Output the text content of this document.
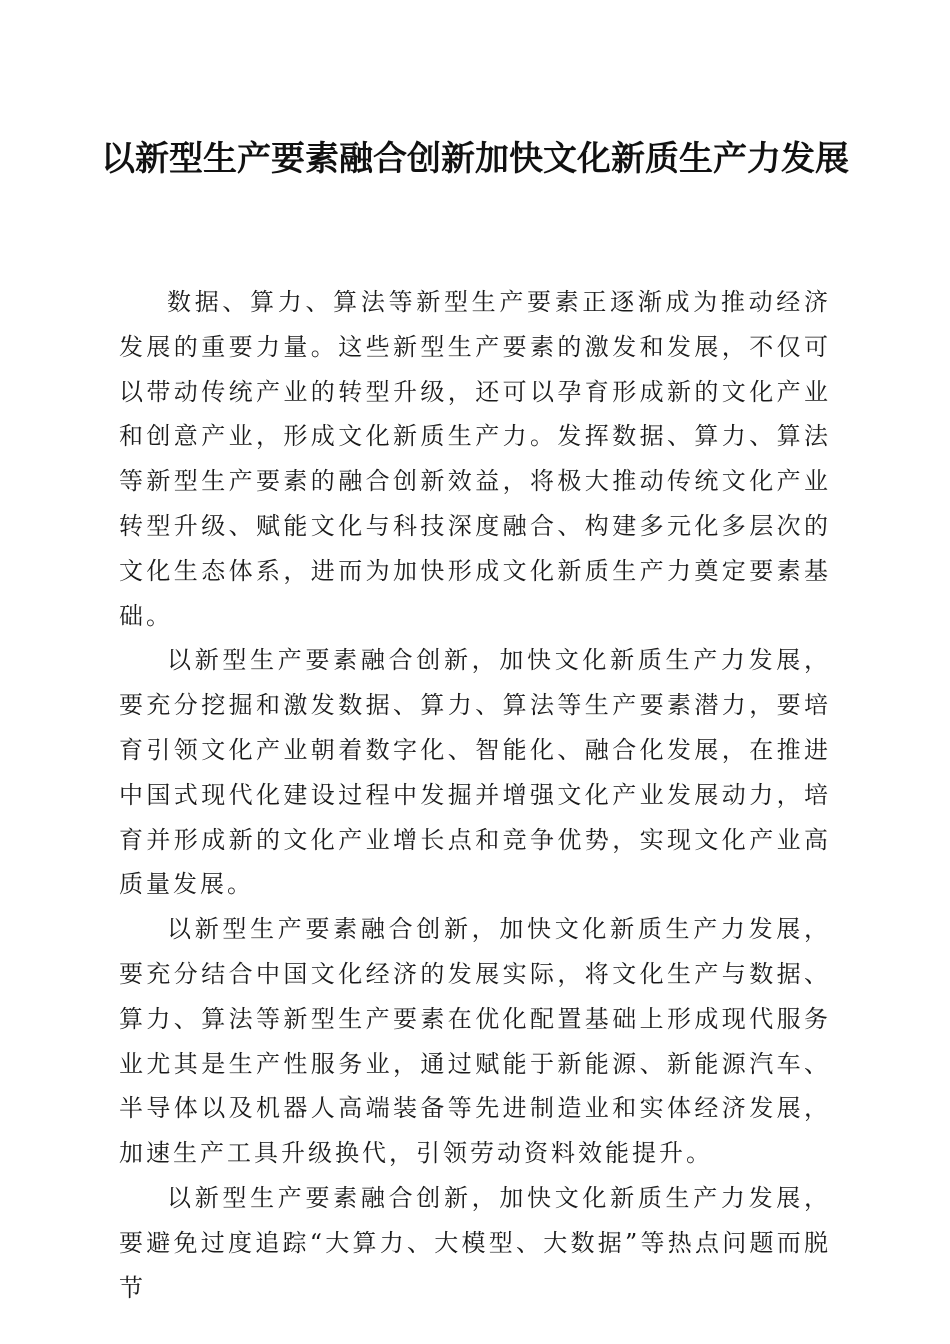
以新型生产要素融合创新加快文化新质生产力发展

数据、算力、算法等新型生产要素正逐渐成为推动经济发展的重要力量。这些新型生产要素的激发和发展，不仅可以带动传统产业的转型升级，还可以孕育形成新的文化产业和创意产业，形成文化新质生产力。发挥数据、算力、算法等新型生产要素的融合创新效益，将极大推动传统文化产业转型升级、赋能文化与科技深度融合、构建多元化多层次的文化生态体系，进而为加快形成文化新质生产力奠定要素基础。

以新型生产要素融合创新，加快文化新质生产力发展，要充分挖掘和激发数据、算力、算法等生产要素潜力，要培育引领文化产业朝着数字化、智能化、融合化发展，在推进中国式现代化建设过程中发掘并增强文化产业发展动力，培育并形成新的文化产业增长点和竞争优势，实现文化产业高质量发展。

以新型生产要素融合创新，加快文化新质生产力发展，要充分结合中国文化经济的发展实际，将文化生产与数据、算力、算法等新型生产要素在优化配置基础上形成现代服务业尤其是生产性服务业，通过赋能于新能源、新能源汽车、半导体以及机器人高端装备等先进制造业和实体经济发展，加速生产工具升级换代，引领劳动资料效能提升。

以新型生产要素融合创新，加快文化新质生产力发展，要避免过度追踪“大算力、大模型、大数据”等热点问题而脱节
